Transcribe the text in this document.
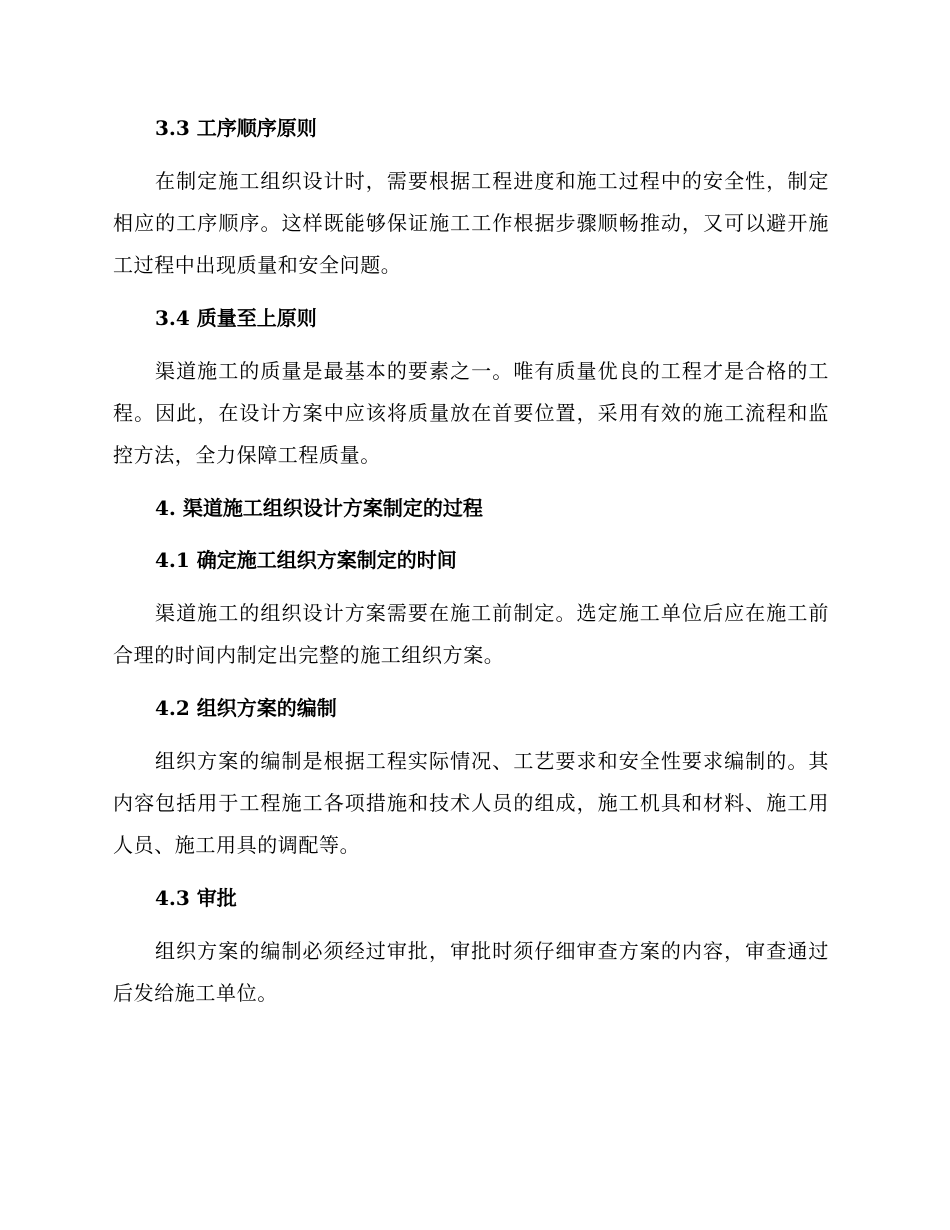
3.3 工序顺序原则

在制定施工组织设计时，需要根据工程进度和施工过程中的安全性，制定相应的工序顺序。这样既能够保证施工工作根据步骤顺畅推动，又可以避开施工过程中出现质量和安全问题。

3.4 质量至上原则

渠道施工的质量是最基本的要素之一。唯有质量优良的工程才是合格的工程。因此，在设计方案中应该将质量放在首要位置，采用有效的施工流程和监控方法，全力保障工程质量。

4. 渠道施工组织设计方案制定的过程
4.1 确定施工组织方案制定的时间

渠道施工的组织设计方案需要在施工前制定。选定施工单位后应在施工前合理的时间内制定出完整的施工组织方案。

4.2 组织方案的编制

组织方案的编制是根据工程实际情况、工艺要求和安全性要求编制的。其内容包括用于工程施工各项措施和技术人员的组成，施工机具和材料、施工用人员、施工用具的调配等。

4.3 审批

组织方案的编制必须经过审批，审批时须仔细审查方案的内容，审查通过后发给施工单位。
